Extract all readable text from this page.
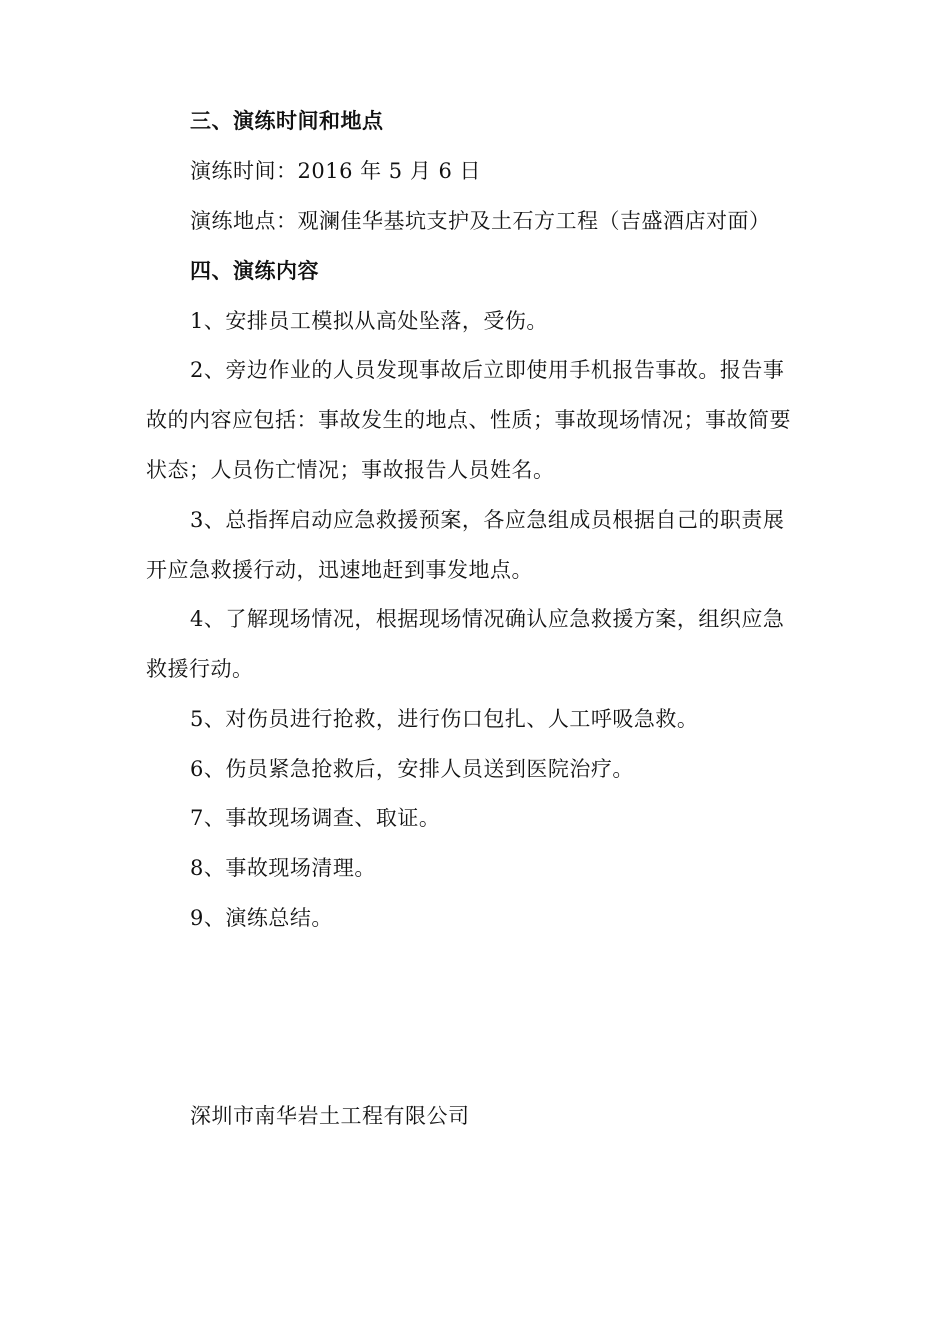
三、演练时间和地点
演练时间：2016 年 5 月 6 日
演练地点：观澜佳华基坑支护及土石方工程（吉盛酒店对面）
四、演练内容
1、安排员工模拟从高处坠落，受伤。
2、旁边作业的人员发现事故后立即使用手机报告事故。报告事
故的内容应包括：事故发生的地点、性质；事故现场情况；事故简要
状态；人员伤亡情况；事故报告人员姓名。
3、总指挥启动应急救援预案，各应急组成员根据自己的职责展
开应急救援行动，迅速地赶到事发地点。
4、了解现场情况，根据现场情况确认应急救援方案，组织应急
救援行动。
5、对伤员进行抢救，进行伤口包扎、人工呼吸急救。
6、伤员紧急抢救后，安排人员送到医院治疗。
7、事故现场调查、取证。
8、事故现场清理。
9、演练总结。
深圳市南华岩土工程有限公司
